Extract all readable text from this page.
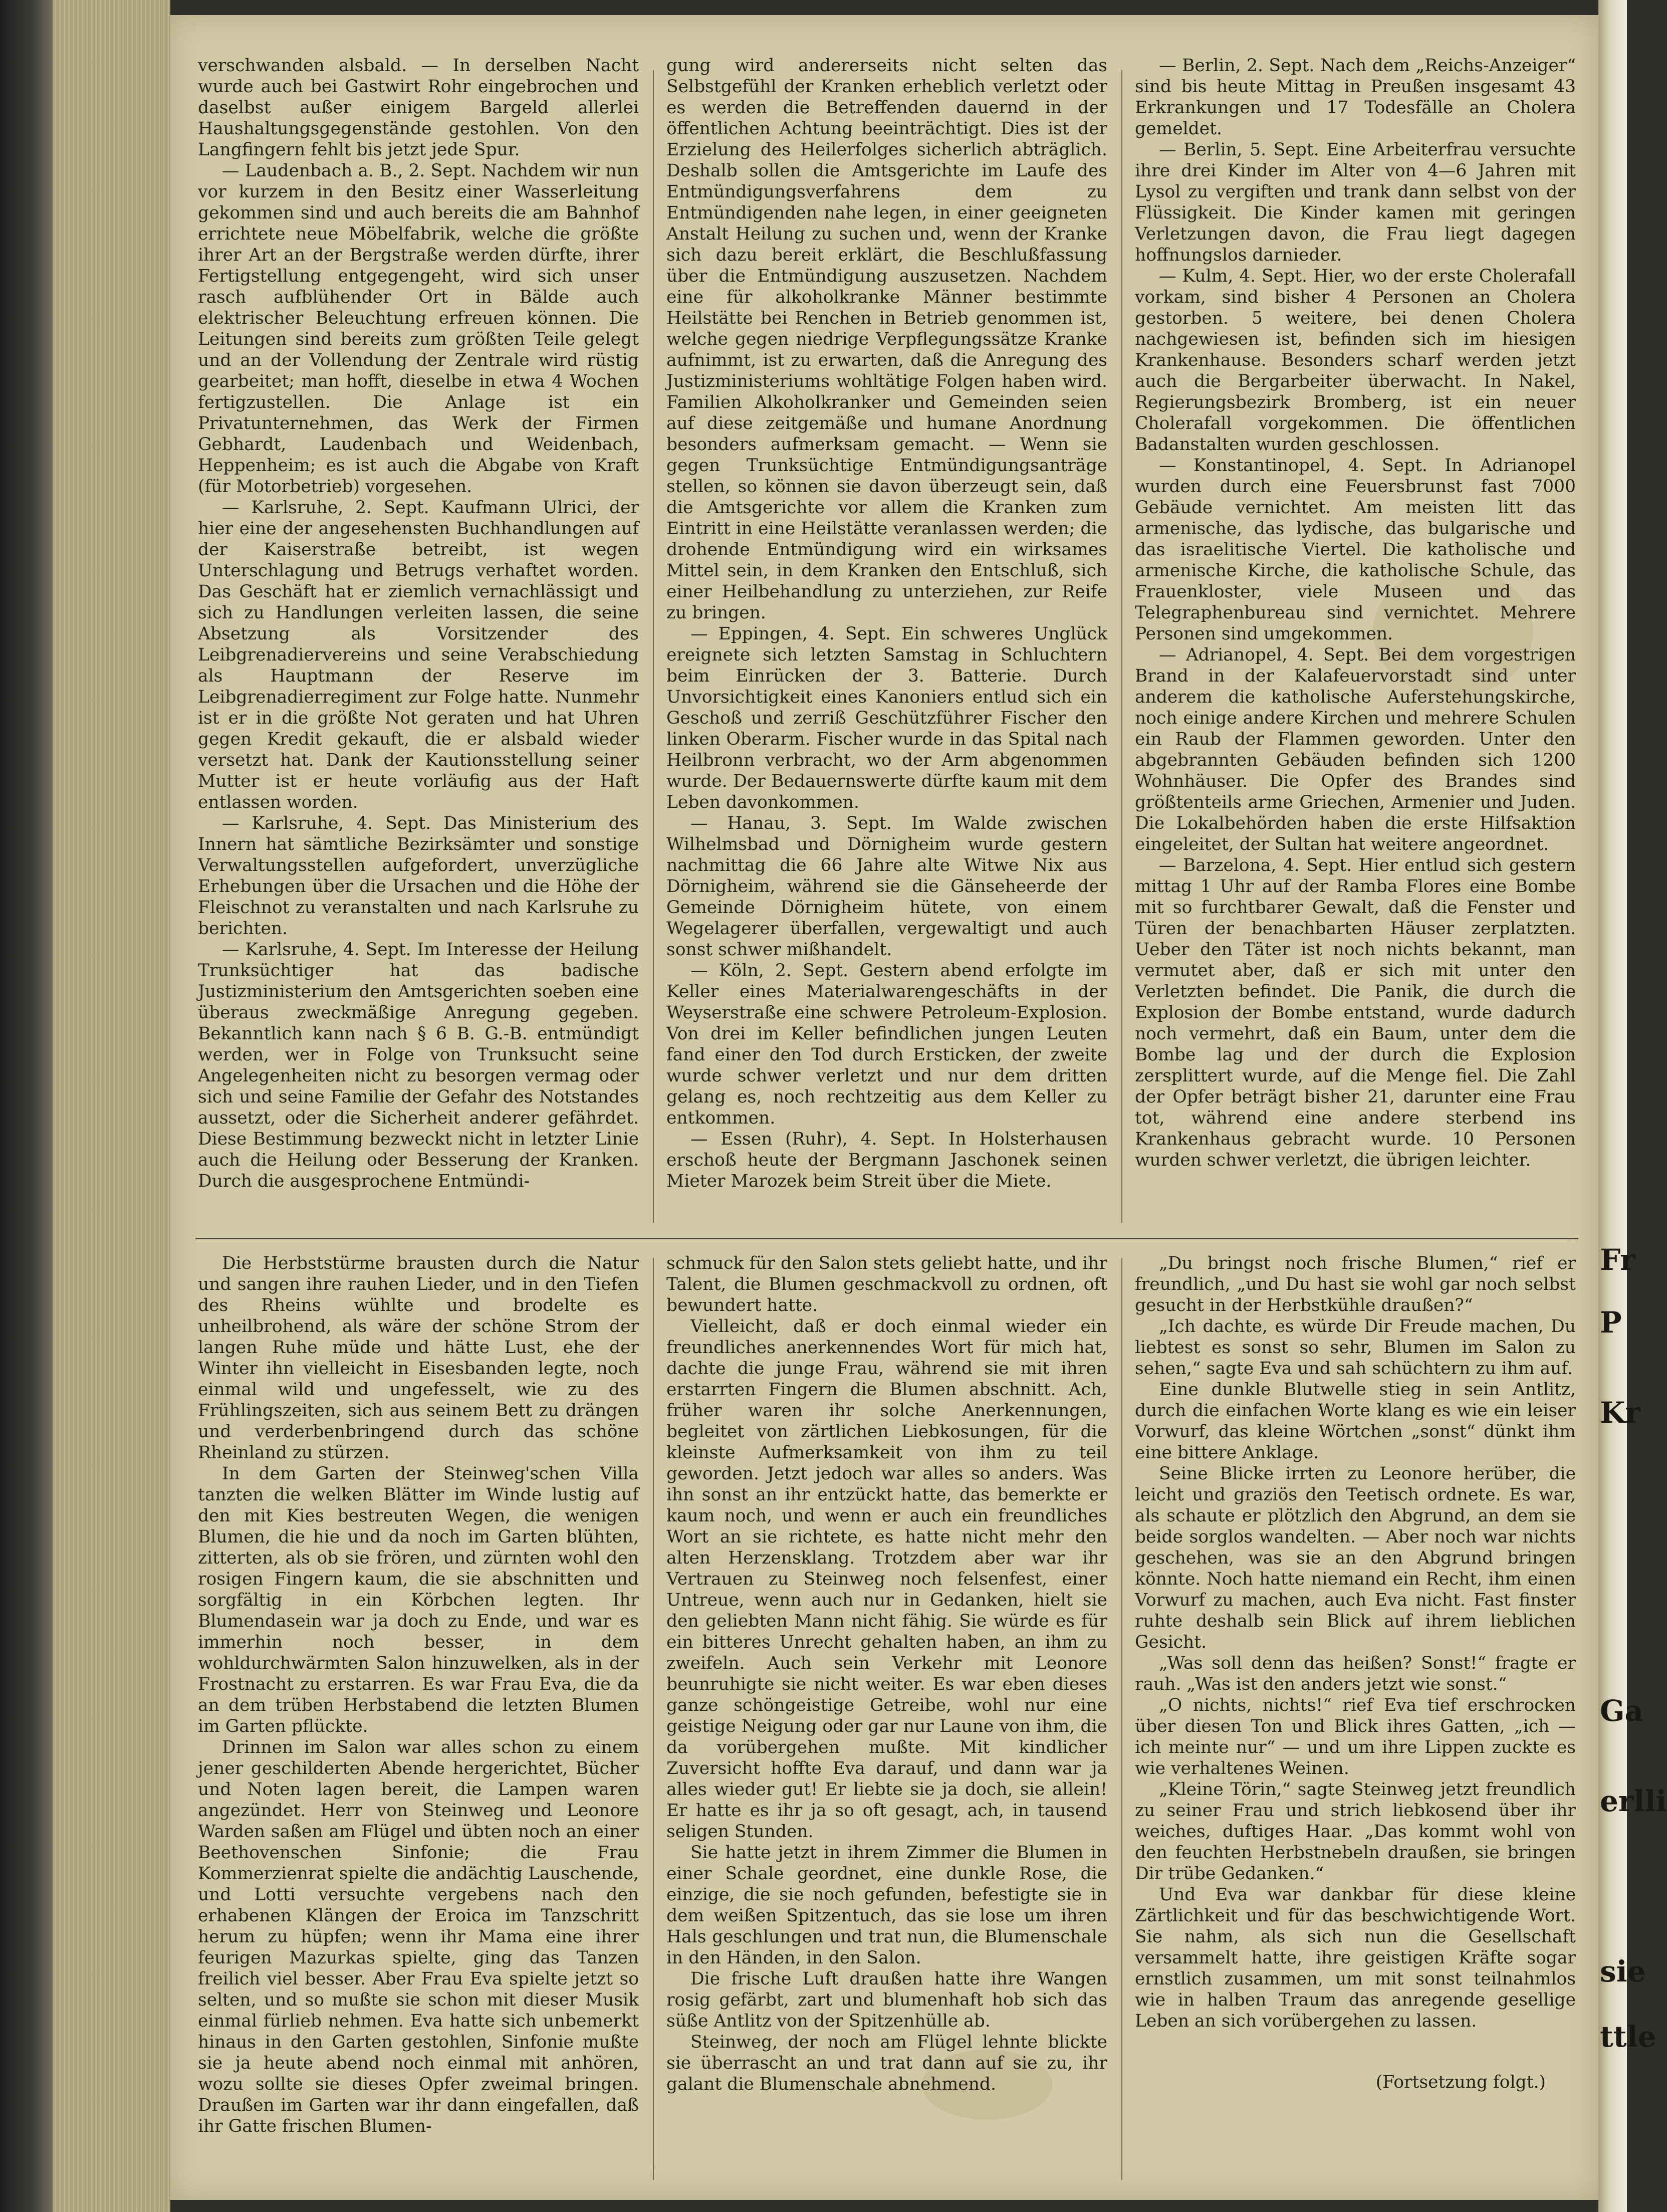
Fr
P
Kr
Ga
erlli
sie
ttle

verschwanden alsbald. — In derselben Nacht wurde auch bei Gastwirt Rohr eingebrochen und daselbst außer einigem Bargeld allerlei Haushaltungsgegenstände gestohlen. Von den Langfingern fehlt bis jetzt jede Spur.

— Laudenbach a. B., 2. Sept. Nachdem wir nun vor kurzem in den Besitz einer Wasserleitung gekommen sind und auch bereits die am Bahnhof errichtete neue Möbelfabrik, welche die größte ihrer Art an der Bergstraße werden dürfte, ihrer Fertigstellung entgegengeht, wird sich unser rasch aufblühender Ort in Bälde auch elektrischer Beleuchtung erfreuen können. Die Leitungen sind bereits zum größten Teile gelegt und an der Vollendung der Zentrale wird rüstig gearbeitet; man hofft, dieselbe in etwa 4 Wochen fertigzustellen. Die Anlage ist ein Privatunternehmen, das Werk der Firmen Gebhardt, Laudenbach und Weidenbach, Heppenheim; es ist auch die Abgabe von Kraft (für Motorbetrieb) vorgesehen.

— Karlsruhe, 2. Sept. Kaufmann Ulrici, der hier eine der angesehensten Buchhandlungen auf der Kaiserstraße betreibt, ist wegen Unterschlagung und Betrugs verhaftet worden. Das Geschäft hat er ziemlich vernachlässigt und sich zu Handlungen verleiten lassen, die seine Absetzung als Vorsitzender des Leibgrenadiervereins und seine Verabschiedung als Hauptmann der Reserve im Leibgrenadierregiment zur Folge hatte. Nunmehr ist er in die größte Not geraten und hat Uhren gegen Kredit gekauft, die er alsbald wieder versetzt hat. Dank der Kautionsstellung seiner Mutter ist er heute vorläufig aus der Haft entlassen worden.

— Karlsruhe, 4. Sept. Das Ministerium des Innern hat sämtliche Bezirksämter und sonstige Verwaltungsstellen aufgefordert, unverzügliche Erhebungen über die Ursachen und die Höhe der Fleischnot zu veranstalten und nach Karlsruhe zu berichten.

— Karlsruhe, 4. Sept. Im Interesse der Heilung Trunksüchtiger hat das badische Justizministerium den Amtsgerichten soeben eine überaus zweckmäßige Anregung gegeben. Bekanntlich kann nach § 6 B. G.-B. entmündigt werden, wer in Folge von Trunksucht seine Angelegenheiten nicht zu besorgen vermag oder sich und seine Familie der Gefahr des Notstandes aussetzt, oder die Sicherheit anderer gefährdet. Diese Bestimmung bezweckt nicht in letzter Linie auch die Heilung oder Besserung der Kranken. Durch die ausgesprochene Entmündi-

gung wird andererseits nicht selten das Selbstgefühl der Kranken erheblich verletzt oder es werden die Betreffenden dauernd in der öffentlichen Achtung beeinträchtigt. Dies ist der Erzielung des Heilerfolges sicherlich abträglich. Deshalb sollen die Amtsgerichte im Laufe des Entmündigungsverfahrens dem zu Entmündigenden nahe legen, in einer geeigneten Anstalt Heilung zu suchen und, wenn der Kranke sich dazu bereit erklärt, die Beschlußfassung über die Entmündigung auszusetzen. Nachdem eine für alkoholkranke Männer bestimmte Heilstätte bei Renchen in Betrieb genommen ist, welche gegen niedrige Verpflegungssätze Kranke aufnimmt, ist zu erwarten, daß die Anregung des Justizministeriums wohltätige Folgen haben wird. Familien Alkoholkranker und Gemeinden seien auf diese zeitgemäße und humane Anordnung besonders aufmerksam gemacht. — Wenn sie gegen Trunksüchtige Entmündigungsanträge stellen, so können sie davon überzeugt sein, daß die Amtsgerichte vor allem die Kranken zum Eintritt in eine Heilstätte veranlassen werden; die drohende Entmündigung wird ein wirksames Mittel sein, in dem Kranken den Entschluß, sich einer Heilbehandlung zu unterziehen, zur Reife zu bringen.

— Eppingen, 4. Sept. Ein schweres Unglück ereignete sich letzten Samstag in Schluchtern beim Einrücken der 3. Batterie. Durch Unvorsichtigkeit eines Kanoniers entlud sich ein Geschoß und zerriß Geschützführer Fischer den linken Oberarm. Fischer wurde in das Spital nach Heilbronn verbracht, wo der Arm abgenommen wurde. Der Bedauernswerte dürfte kaum mit dem Leben davonkommen.

— Hanau, 3. Sept. Im Walde zwischen Wilhelmsbad und Dörnigheim wurde gestern nachmittag die 66 Jahre alte Witwe Nix aus Dörnigheim, während sie die Gänseheerde der Gemeinde Dörnigheim hütete, von einem Wegelagerer überfallen, vergewaltigt und auch sonst schwer mißhandelt.

— Köln, 2. Sept. Gestern abend erfolgte im Keller eines Materialwarengeschäfts in der Weyserstraße eine schwere Petroleum-Explosion. Von drei im Keller befindlichen jungen Leuten fand einer den Tod durch Ersticken, der zweite wurde schwer verletzt und nur dem dritten gelang es, noch rechtzeitig aus dem Keller zu entkommen.

— Essen (Ruhr), 4. Sept. In Holsterhausen erschoß heute der Bergmann Jaschonek seinen Mieter Marozek beim Streit über die Miete.

— Berlin, 2. Sept. Nach dem „Reichs-Anzeiger“ sind bis heute Mittag in Preußen insgesamt 43 Erkrankungen und 17 Todesfälle an Cholera gemeldet.

— Berlin, 5. Sept. Eine Arbeiterfrau versuchte ihre drei Kinder im Alter von 4—6 Jahren mit Lysol zu vergiften und trank dann selbst von der Flüssigkeit. Die Kinder kamen mit geringen Verletzungen davon, die Frau liegt dagegen hoffnungslos darnieder.

— Kulm, 4. Sept. Hier, wo der erste Cholerafall vorkam, sind bisher 4 Personen an Cholera gestorben. 5 weitere, bei denen Cholera nachgewiesen ist, befinden sich im hiesigen Krankenhause. Besonders scharf werden jetzt auch die Bergarbeiter überwacht. In Nakel, Regierungsbezirk Bromberg, ist ein neuer Cholerafall vorgekommen. Die öffentlichen Badanstalten wurden geschlossen.

— Konstantinopel, 4. Sept. In Adrianopel wurden durch eine Feuersbrunst fast 7000 Gebäude vernichtet. Am meisten litt das armenische, das lydische, das bulgarische und das israelitische Viertel. Die katholische und armenische Kirche, die katholische Schule, das Frauenkloster, viele Museen und das Telegraphenbureau sind vernichtet. Mehrere Personen sind umgekommen.

— Adrianopel, 4. Sept. Bei dem vorgestrigen Brand in der Kalafeuervorstadt sind unter anderem die katholische Auferstehungskirche, noch einige andere Kirchen und mehrere Schulen ein Raub der Flammen geworden. Unter den abgebrannten Gebäuden befinden sich 1200 Wohnhäuser. Die Opfer des Brandes sind größtenteils arme Griechen, Armenier und Juden. Die Lokalbehörden haben die erste Hilfsaktion eingeleitet, der Sultan hat weitere angeordnet.

— Barzelona, 4. Sept. Hier entlud sich gestern mittag 1 Uhr auf der Ramba Flores eine Bombe mit so furchtbarer Gewalt, daß die Fenster und Türen der benachbarten Häuser zerplatzten. Ueber den Täter ist noch nichts bekannt, man vermutet aber, daß er sich mit unter den Verletzten befindet. Die Panik, die durch die Explosion der Bombe entstand, wurde dadurch noch vermehrt, daß ein Baum, unter dem die Bombe lag und der durch die Explosion zersplittert wurde, auf die Menge fiel. Die Zahl der Opfer beträgt bisher 21, darunter eine Frau tot, während eine andere sterbend ins Krankenhaus gebracht wurde. 10 Personen wurden schwer verletzt, die übrigen leichter.

Die Herbststürme brausten durch die Natur und sangen ihre rauhen Lieder, und in den Tiefen des Rheins wühlte und brodelte es unheilbrohend, als wäre der schöne Strom der langen Ruhe müde und hätte Lust, ehe der Winter ihn vielleicht in Eisesbanden legte, noch einmal wild und ungefesselt, wie zu des Frühlingszeiten, sich aus seinem Bett zu drängen und verderbenbringend durch das schöne Rheinland zu stürzen.

In dem Garten der Steinweg'schen Villa tanzten die welken Blätter im Winde lustig auf den mit Kies bestreuten Wegen, die wenigen Blumen, die hie und da noch im Garten blühten, zitterten, als ob sie frören, und zürnten wohl den rosigen Fingern kaum, die sie abschnitten und sorgfältig in ein Körbchen legten. Ihr Blumendasein war ja doch zu Ende, und war es immerhin noch besser, in dem wohldurchwärmten Salon hinzuwelken, als in der Frostnacht zu erstarren. Es war Frau Eva, die da an dem trüben Herbstabend die letzten Blumen im Garten pflückte.

Drinnen im Salon war alles schon zu einem jener geschilderten Abende hergerichtet, Bücher und Noten lagen bereit, die Lampen waren angezündet. Herr von Steinweg und Leonore Warden saßen am Flügel und übten noch an einer Beethovenschen Sinfonie; die Frau Kommerzienrat spielte die andächtig Lauschende, und Lotti versuchte vergebens nach den erhabenen Klängen der Eroica im Tanzschritt herum zu hüpfen; wenn ihr Mama eine ihrer feurigen Mazurkas spielte, ging das Tanzen freilich viel besser. Aber Frau Eva spielte jetzt so selten, und so mußte sie schon mit dieser Musik einmal fürlieb nehmen. Eva hatte sich unbemerkt hinaus in den Garten gestohlen, Sinfonie mußte sie ja heute abend noch einmal mit anhören, wozu sollte sie dieses Opfer zweimal bringen. Draußen im Garten war ihr dann eingefallen, daß ihr Gatte frischen Blumen-

schmuck für den Salon stets geliebt hatte, und ihr Talent, die Blumen geschmackvoll zu ordnen, oft bewundert hatte.

Vielleicht, daß er doch einmal wieder ein freundliches anerkennendes Wort für mich hat, dachte die junge Frau, während sie mit ihren erstarrten Fingern die Blumen abschnitt. Ach, früher waren ihr solche Anerkennungen, begleitet von zärtlichen Liebkosungen, für die kleinste Aufmerksamkeit von ihm zu teil geworden. Jetzt jedoch war alles so anders. Was ihn sonst an ihr entzückt hatte, das bemerkte er kaum noch, und wenn er auch ein freundliches Wort an sie richtete, es hatte nicht mehr den alten Herzensklang. Trotzdem aber war ihr Vertrauen zu Steinweg noch felsenfest, einer Untreue, wenn auch nur in Gedanken, hielt sie den geliebten Mann nicht fähig. Sie würde es für ein bitteres Unrecht gehalten haben, an ihm zu zweifeln. Auch sein Verkehr mit Leonore beunruhigte sie nicht weiter. Es war eben dieses ganze schöngeistige Getreibe, wohl nur eine geistige Neigung oder gar nur Laune von ihm, die da vorübergehen mußte. Mit kindlicher Zuversicht hoffte Eva darauf, und dann war ja alles wieder gut! Er liebte sie ja doch, sie allein! Er hatte es ihr ja so oft gesagt, ach, in tausend seligen Stunden.

Sie hatte jetzt in ihrem Zimmer die Blumen in einer Schale geordnet, eine dunkle Rose, die einzige, die sie noch gefunden, befestigte sie in dem weißen Spitzentuch, das sie lose um ihren Hals geschlungen und trat nun, die Blumenschale in den Händen, in den Salon.

Die frische Luft draußen hatte ihre Wangen rosig gefärbt, zart und blumenhaft hob sich das süße Antlitz von der Spitzenhülle ab.

Steinweg, der noch am Flügel lehnte blickte sie überrascht an und trat dann auf sie zu, ihr galant die Blumenschale abnehmend.

„Du bringst noch frische Blumen,“ rief er freundlich, „und Du hast sie wohl gar noch selbst gesucht in der Herbstkühle draußen?“

„Ich dachte, es würde Dir Freude machen, Du liebtest es sonst so sehr, Blumen im Salon zu sehen,“ sagte Eva und sah schüchtern zu ihm auf.

Eine dunkle Blutwelle stieg in sein Antlitz, durch die einfachen Worte klang es wie ein leiser Vorwurf, das kleine Wörtchen „sonst“ dünkt ihm eine bittere Anklage.

Seine Blicke irrten zu Leonore herüber, die leicht und graziös den Teetisch ordnete. Es war, als schaute er plötzlich den Abgrund, an dem sie beide sorglos wandelten. — Aber noch war nichts geschehen, was sie an den Abgrund bringen könnte. Noch hatte niemand ein Recht, ihm einen Vorwurf zu machen, auch Eva nicht. Fast finster ruhte deshalb sein Blick auf ihrem lieblichen Gesicht.

„Was soll denn das heißen? Sonst!“ fragte er rauh. „Was ist den anders jetzt wie sonst.“

„O nichts, nichts!“ rief Eva tief erschrocken über diesen Ton und Blick ihres Gatten, „ich — ich meinte nur“ — und um ihre Lippen zuckte es wie verhaltenes Weinen.

„Kleine Törin,“ sagte Steinweg jetzt freundlich zu seiner Frau und strich liebkosend über ihr weiches, duftiges Haar. „Das kommt wohl von den feuchten Herbstnebeln draußen, sie bringen Dir trübe Gedanken.“

Und Eva war dankbar für diese kleine Zärtlichkeit und für das beschwichtigende Wort. Sie nahm, als sich nun die Gesellschaft versammelt hatte, ihre geistigen Kräfte sogar ernstlich zusammen, um mit sonst teilnahmlos wie in halben Traum das anregende gesellige Leben an sich vorübergehen zu lassen.

(Fortsetzung folgt.)
